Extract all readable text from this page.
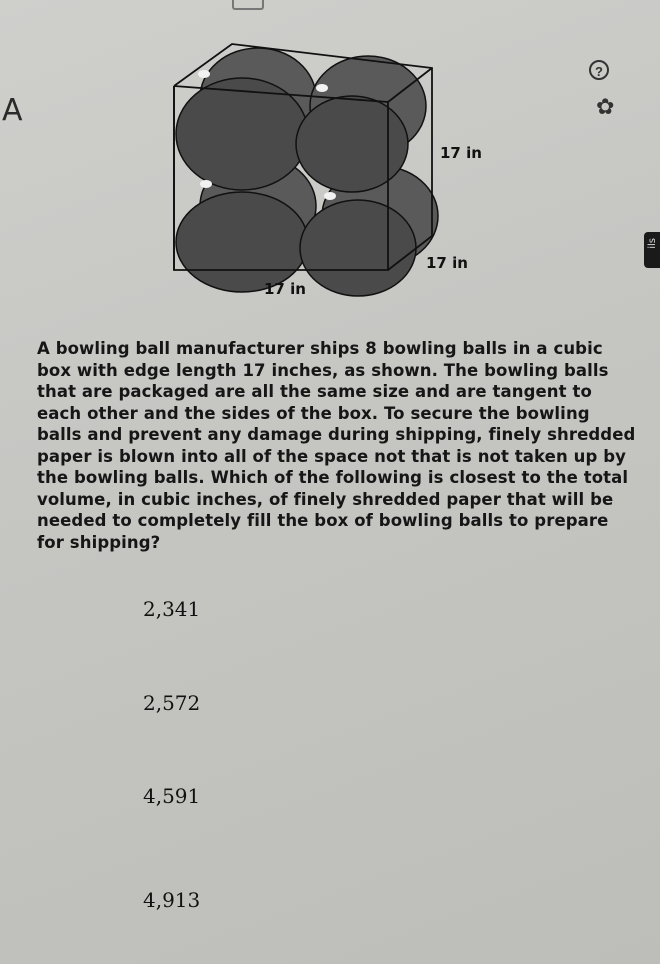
A
?
✿
ils
17 in
17 in
17 in

A bowling ball manufacturer ships 8 bowling balls in a cubic box with edge length 17 inches, as shown. The bowling balls that are packaged are all the same size and are tangent to each other and the sides of the box. To secure the bowling balls and prevent any damage during shipping, finely shredded paper is blown into all of the space not that is not taken up by the bowling balls. Which of the following is closest to the total volume, in cubic inches, of finely shredded paper that will be needed to completely fill the box of bowling balls to prepare for shipping?

2,341
2,572
4,591
4,913
